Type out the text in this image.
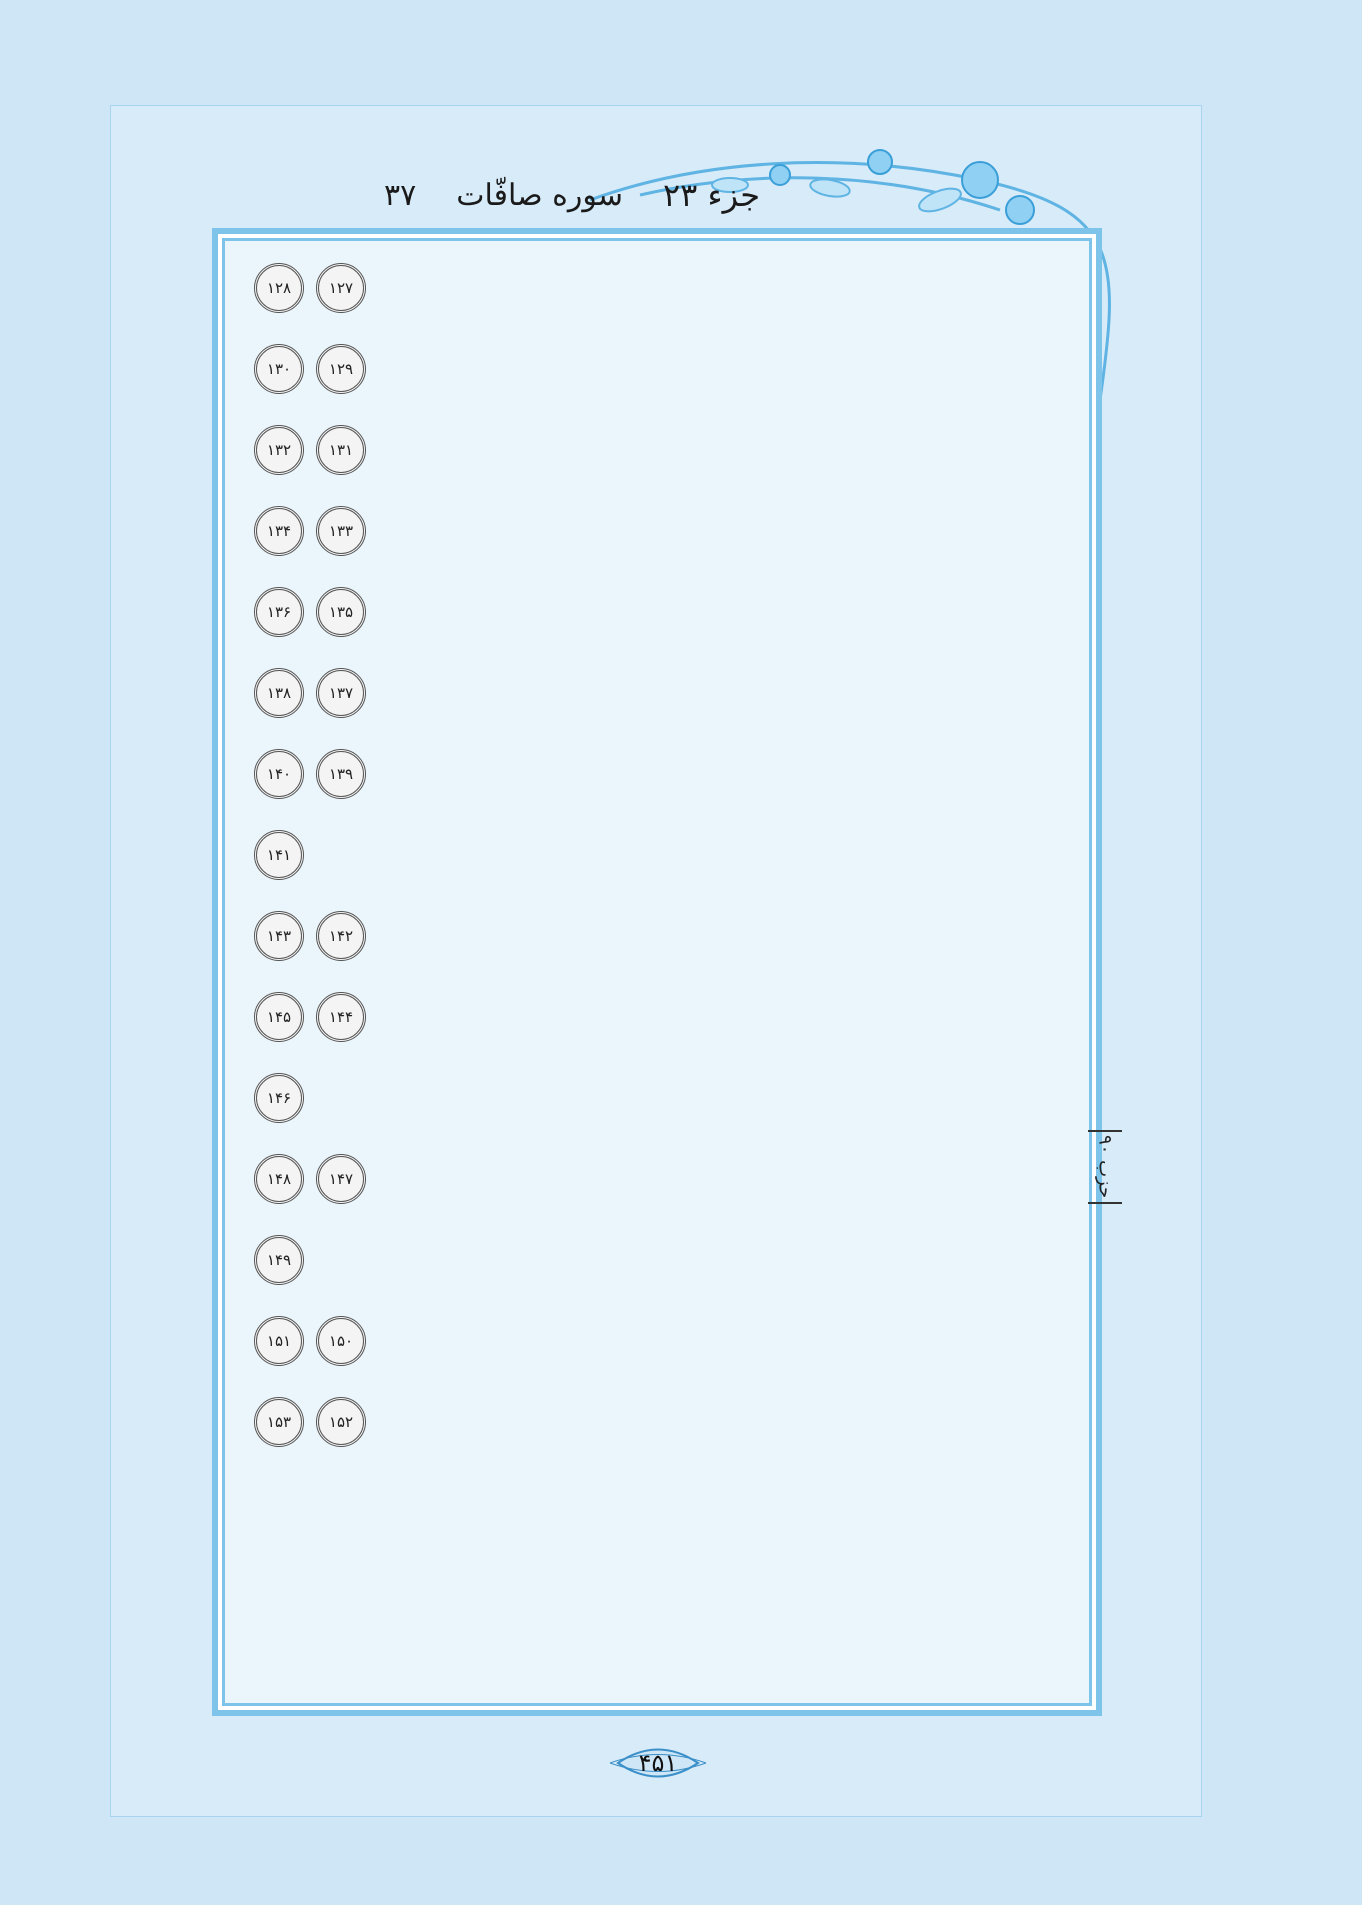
جزء ۲۳
سوره صافّات
۳۷
۱۲۷
۱۲۸
۱۲۹
۱۳۰
۱۳۱
۱۳۲
۱۳۳
۱۳۴
۱۳۵
۱۳۶
۱۳۷
۱۳۸
۱۳۹
۱۴۰
۱۴۱
۱۴۲
۱۴۳
۱۴۴
۱۴۵
۱۴۶
۱۴۷
۱۴۸
۱۴۹
۱۵۰
۱۵۱
۱۵۲
۱۵۳
حزب ۹۰
۴۵۱
